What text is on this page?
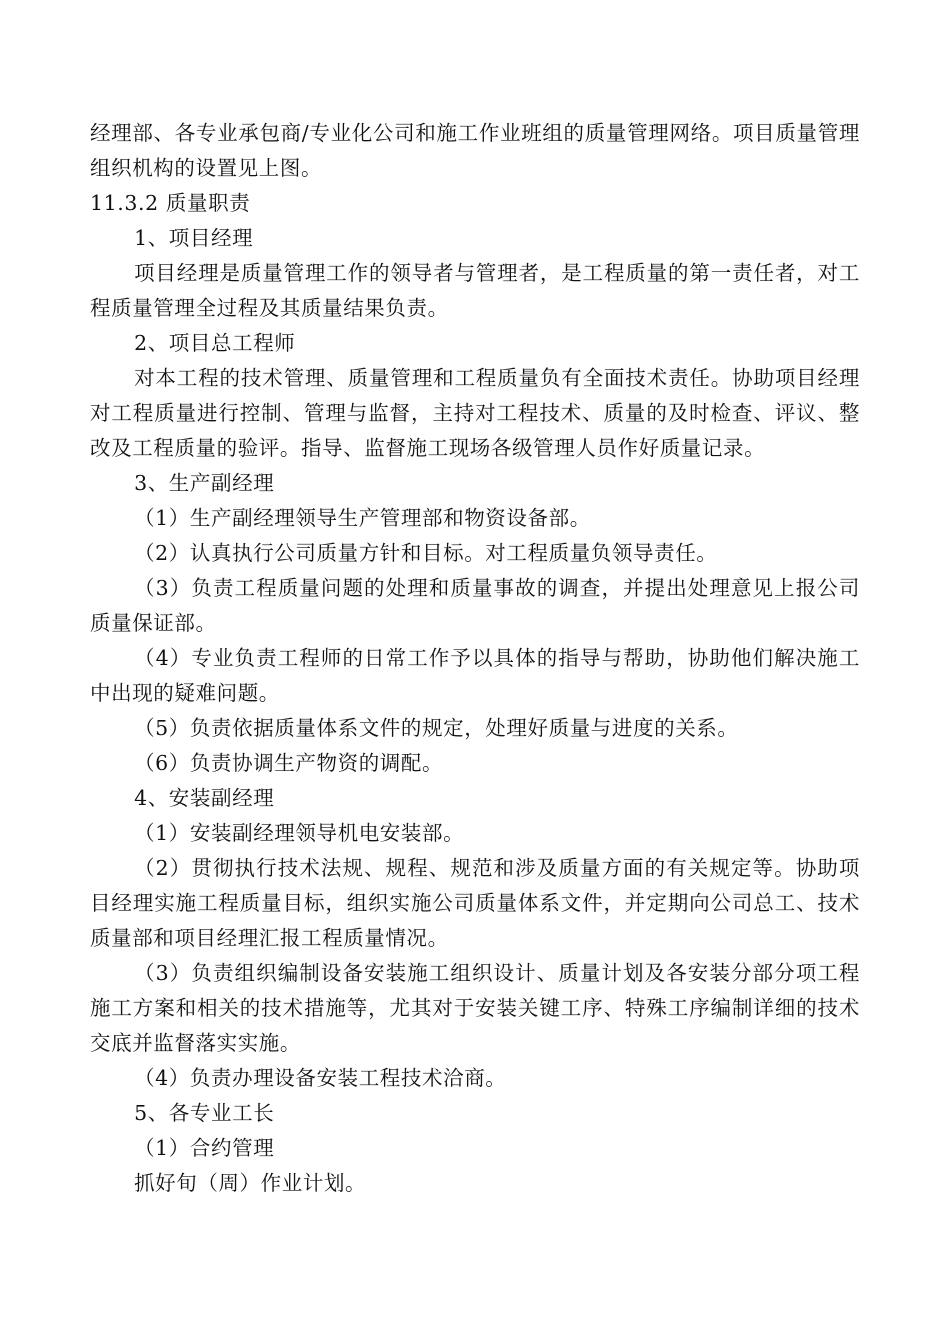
经理部、各专业承包商/专业化公司和施工作业班组的质量管理网络。项目质量管理组织机构的设置见上图。

11.3.2 质量职责

1、项目经理

项目经理是质量管理工作的领导者与管理者，是工程质量的第一责任者，对工程质量管理全过程及其质量结果负责。

2、项目总工程师

对本工程的技术管理、质量管理和工程质量负有全面技术责任。协助项目经理对工程质量进行控制、管理与监督，主持对工程技术、质量的及时检查、评议、整改及工程质量的验评。指导、监督施工现场各级管理人员作好质量记录。

3、生产副经理

（1）生产副经理领导生产管理部和物资设备部。

（2）认真执行公司质量方针和目标。对工程质量负领导责任。

（3）负责工程质量问题的处理和质量事故的调查，并提出处理意见上报公司质量保证部。

（4）专业负责工程师的日常工作予以具体的指导与帮助，协助他们解决施工中出现的疑难问题。

（5）负责依据质量体系文件的规定，处理好质量与进度的关系。

（6）负责协调生产物资的调配。

4、安装副经理

（1）安装副经理领导机电安装部。

（2）贯彻执行技术法规、规程、规范和涉及质量方面的有关规定等。协助项目经理实施工程质量目标，组织实施公司质量体系文件，并定期向公司总工、技术质量部和项目经理汇报工程质量情况。

（3）负责组织编制设备安装施工组织设计、质量计划及各安装分部分项工程施工方案和相关的技术措施等，尤其对于安装关键工序、特殊工序编制详细的技术交底并监督落实实施。

（4）负责办理设备安装工程技术洽商。

5、各专业工长

（1）合约管理

抓好旬（周）作业计划。
